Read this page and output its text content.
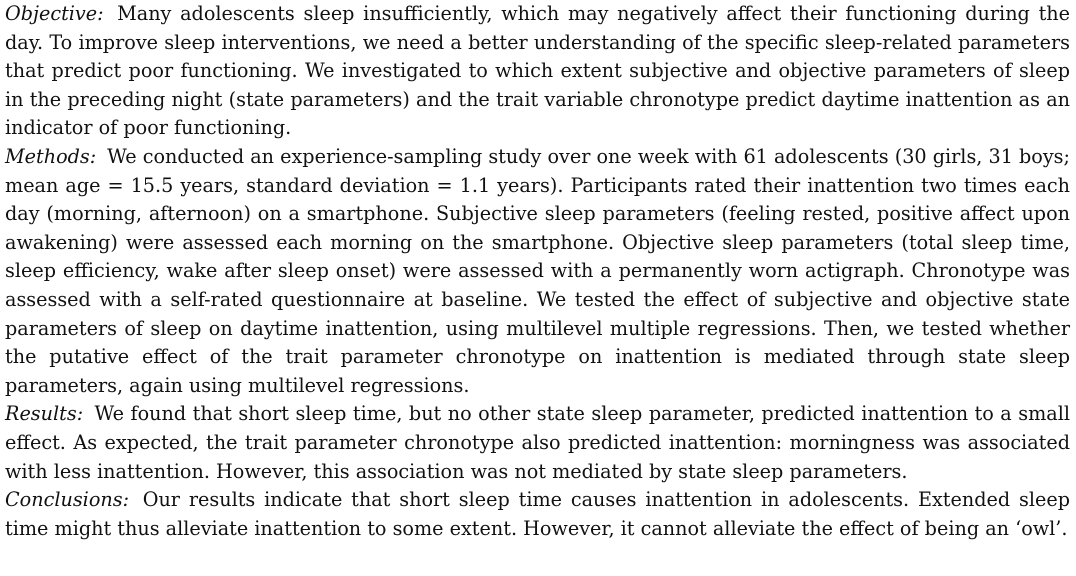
Objective: Many adolescents sleep insufficiently, which may negatively affect their functioning during the day. To improve sleep interventions, we need a better understanding of the specific sleep-related parameters that predict poor functioning. We investigated to which extent subjective and objective parameters of sleep in the preceding night (state parameters) and the trait variable chronotype predict daytime inattention as an indicator of poor functioning.

Methods: We conducted an experience-sampling study over one week with 61 adolescents (30 girls, 31 boys; mean age = 15.5 years, standard deviation = 1.1 years). Participants rated their inattention two times each day (morning, afternoon) on a smartphone. Subjective sleep parameters (feeling rested, positive affect upon awakening) were assessed each morning on the smartphone. Objective sleep parameters (total sleep time, sleep efficiency, wake after sleep onset) were assessed with a permanently worn actigraph. Chronotype was assessed with a self-rated questionnaire at baseline. We tested the effect of subjective and objective state parameters of sleep on daytime inattention, using multilevel multiple regressions. Then, we tested whether the putative effect of the trait parameter chronotype on inattention is mediated through state sleep parameters, again using multilevel regressions.

Results: We found that short sleep time, but no other state sleep parameter, predicted inattention to a small effect. As expected, the trait parameter chronotype also predicted inattention: morningness was associated with less inattention. However, this association was not mediated by state sleep parameters.

Conclusions: Our results indicate that short sleep time causes inattention in adolescents. Extended sleep time might thus alleviate inattention to some extent. However, it cannot alleviate the effect of being an ‘owl’.
